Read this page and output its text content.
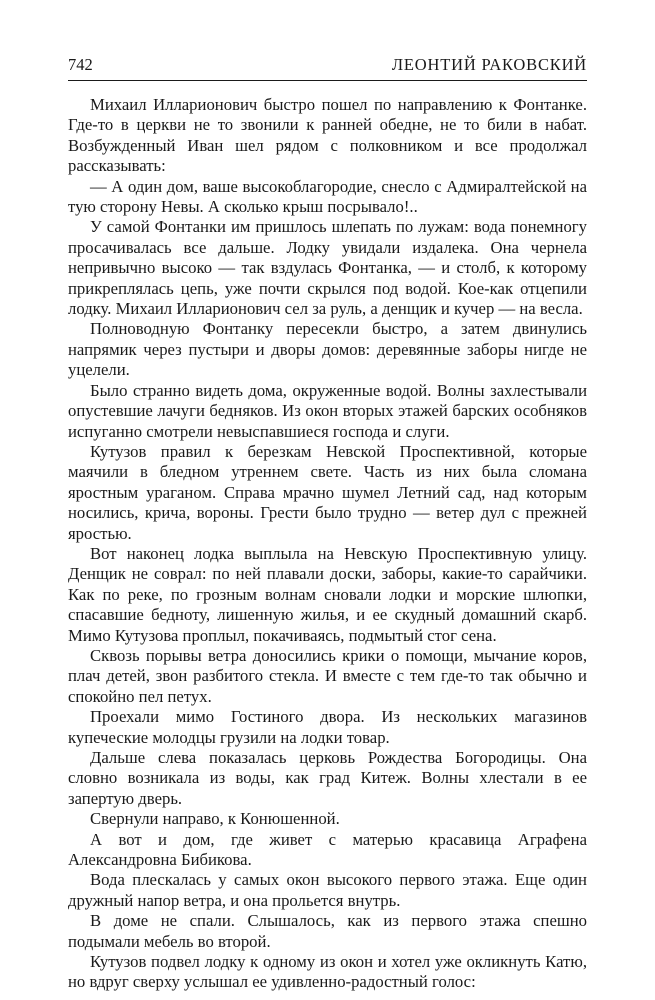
742	ЛЕОНТИЙ РАКОВСКИЙ

Михаил Илларионович быстро пошел по направлению к Фонтанке. Где-то в церкви не то звонили к ранней обедне, не то били в набат. Возбужденный Иван шел рядом с полковником и все продолжал рассказывать:

— А один дом, ваше высокоблагородие, снесло с Адмиралтейской на тую сторону Невы. А сколько крыш посрывало!..

У самой Фонтанки им пришлось шлепать по лужам: вода понемногу просачивалась все дальше. Лодку увидали издалека. Она чернела непривычно высоко — так вздулась Фонтанка, — и столб, к которому прикреплялась цепь, уже почти скрылся под водой. Кое-как отцепили лодку. Михаил Илларионович сел за руль, а денщик и кучер — на весла.

Полноводную Фонтанку пересекли быстро, а затем двинулись напрямик через пустыри и дворы домов: деревянные заборы нигде не уцелели.

Было странно видеть дома, окруженные водой. Волны захлестывали опустевшие лачуги бедняков. Из окон вторых этажей барских особняков испуганно смотрели невыспавшиеся господа и слуги.

Кутузов правил к березкам Невской Проспективной, которые маячили в бледном утреннем свете. Часть из них была сломана яростным ураганом. Справа мрачно шумел Летний сад, над которым носились, крича, вороны. Грести было трудно — ветер дул с прежней яростью.

Вот наконец лодка выплыла на Невскую Проспективную улицу. Денщик не соврал: по ней плавали доски, заборы, какие-то сарайчики. Как по реке, по грозным волнам сновали лодки и морские шлюпки, спасавшие бедноту, лишенную жилья, и ее скудный домашний скарб. Мимо Кутузова проплыл, покачиваясь, подмытый стог сена.

Сквозь порывы ветра доносились крики о помощи, мычание коров, плач детей, звон разбитого стекла. И вместе с тем где-то так обычно и спокойно пел петух.

Проехали мимо Гостиного двора. Из нескольких магазинов купеческие молодцы грузили на лодки товар.

Дальше слева показалась церковь Рождества Богородицы. Она словно возникала из воды, как град Китеж. Волны хлестали в ее запертую дверь.

Свернули направо, к Конюшенной.

А вот и дом, где живет с матерью красавица Аграфена Александровна Бибикова.

Вода плескалась у самых окон высокого первого этажа. Еще один дружный напор ветра, и она прольется внутрь.

В доме не спали. Слышалось, как из первого этажа спешно подымали мебель во второй.

Кутузов подвел лодку к одному из окон и хотел уже окликнуть Катю, но вдруг сверху услышал ее удивленно-радостный голос:
